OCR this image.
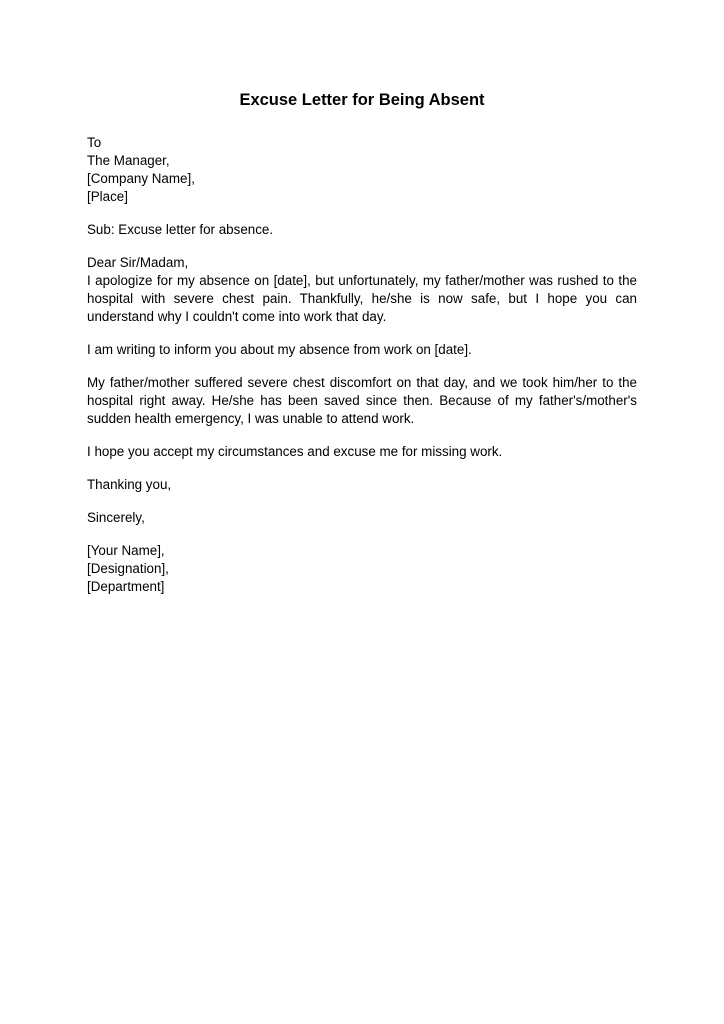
Excuse Letter for Being Absent
To
The Manager,
[Company Name],
[Place]
Sub: Excuse letter for absence.
Dear Sir/Madam,
I apologize for my absence on [date], but unfortunately, my father/mother was rushed to the hospital with severe chest pain. Thankfully, he/she is now safe, but I hope you can understand why I couldn't come into work that day.
I am writing to inform you about my absence from work on [date].
My father/mother suffered severe chest discomfort on that day, and we took him/her to the hospital right away. He/she has been saved since then. Because of my father's/mother's sudden health emergency, I was unable to attend work.
I hope you accept my circumstances and excuse me for missing work.
Thanking you,
Sincerely,
[Your Name],
[Designation],
[Department]
